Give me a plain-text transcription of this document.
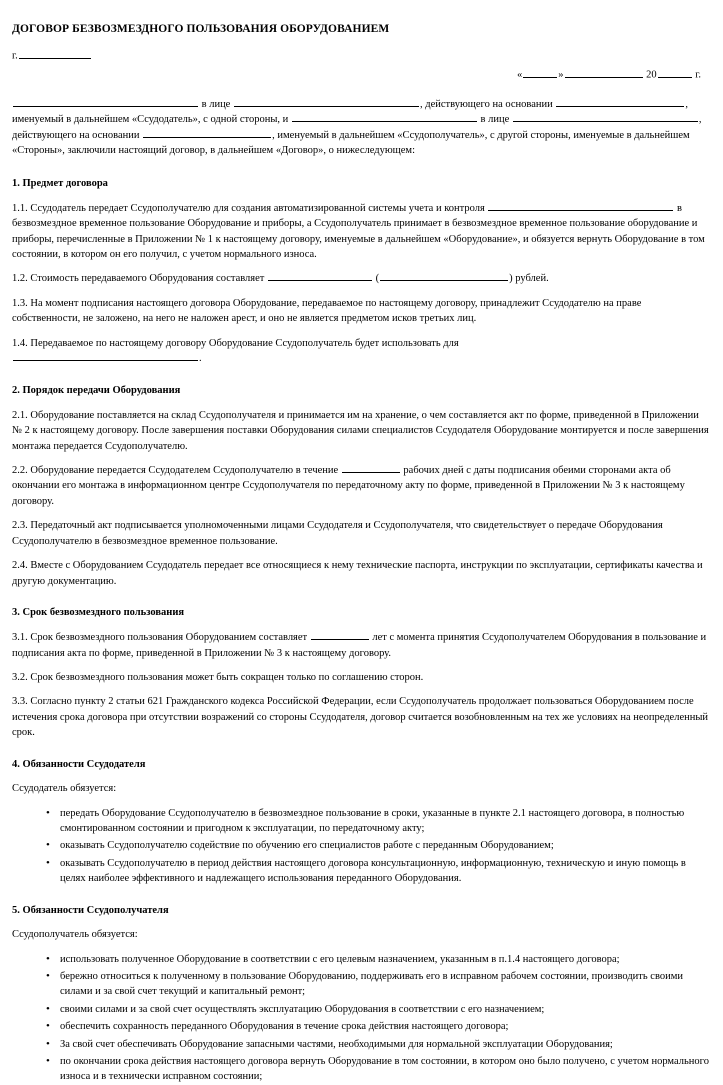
ДОГОВОР БЕЗВОЗМЕЗДНОГО ПОЛЬЗОВАНИЯ ОБОРУДОВАНИЕМ

г.

«	»	20	г.

в лице	, действующего на основании	, именуемый в дальнейшем «Ссудодатель», с одной стороны, и	в лице	, действующего на основании	, именуемый в дальнейшем «Ссудополучатель», с другой стороны, именуемые в дальнейшем «Стороны», заключили настоящий договор, в дальнейшем «Договор», о нижеследующем:

1. Предмет договора

1.1. Ссудодатель передает Ссудополучателю для создания автоматизированной системы учета и контроля	в безвозмездное временное пользование Оборудование и приборы, а Ссудополучатель принимает в безвозмездное временное пользование оборудование и приборы, перечисленные в Приложении № 1 к настоящему договору, именуемые в дальнейшем «Оборудование», и обязуется вернуть Оборудование в том состоянии, в котором он его получил, с учетом нормального износа.

1.2. Стоимость передаваемого Оборудования составляет	(	) рублей.

1.3. На момент подписания настоящего договора Оборудование, передаваемое по настоящему договору, принадлежит Ссудодателю на праве собственности, не заложено, на него не наложен арест, и оно не является предметом исков третьих лиц.

1.4. Передаваемое по настоящему договору Оборудование Ссудополучатель будет использовать для
.

2. Порядок передачи Оборудования

2.1. Оборудование поставляется на склад Ссудополучателя и принимается им на хранение, о чем составляется акт по форме, приведенной в Приложении № 2 к настоящему договору. После завершения поставки Оборудования силами специалистов Ссудодателя Оборудование монтируется и после завершения монтажа передается Ссудополучателю.

2.2. Оборудование передается Ссудодателем Ссудополучателю в течение	рабочих дней с даты подписания обеими сторонами акта об окончании его монтажа в информационном центре Ссудополучателя по передаточному акту по форме, приведенной в Приложении № 3 к настоящему договору.

2.3. Передаточный акт подписывается уполномоченными лицами Ссудодателя и Ссудополучателя, что свидетельствует о передаче Оборудования Ссудополучателю в безвозмездное временное пользование.

2.4. Вместе с Оборудованием Ссудодатель передает все относящиеся к нему технические паспорта, инструкции по эксплуатации, сертификаты качества и другую документацию.

3. Срок безвозмездного пользования

3.1. Срок безвозмездного пользования Оборудованием составляет	лет с момента принятия Ссудополучателем Оборудования в пользование и подписания акта по форме, приведенной в Приложении № 3 к настоящему договору.

3.2. Срок безвозмездного пользования может быть сокращен только по соглашению сторон.

3.3. Согласно пункту 2 статьи 621 Гражданского кодекса Российской Федерации, если Ссудополучатель продолжает пользоваться Оборудованием после истечения срока договора при отсутствии возражений со стороны Ссудодателя, договор считается возобновленным на тех же условиях на неопределенный срок.

4. Обязанности Ссудодателя

Ссудодатель обязуется:

• передать Оборудование Ссудополучателю в безвозмездное пользование в сроки, указанные в пункте 2.1 настоящего договора, в полностью смонтированном состоянии и пригодном к эксплуатации, по передаточному акту;
• оказывать Ссудополучателю содействие по обучению его специалистов работе с переданным Оборудованием;
• оказывать Ссудополучателю в период действия настоящего договора консультационную, информационную, техническую и иную помощь в целях наиболее эффективного и надлежащего использования переданного Оборудования.
5. Обязанности Ссудополучателя

Ссудополучатель обязуется:

• использовать полученное Оборудование в соответствии с его целевым назначением, указанным в п.1.4 настоящего договора;
• бережно относиться к полученному в пользование Оборудованию, поддерживать его в исправном рабочем состоянии, производить своими силами и за свой счет текущий и капитальный ремонт;
• своими силами и за свой счет осуществлять эксплуатацию Оборудования в соответствии с его назначением;
• обеспечить сохранность переданного Оборудования в течение срока действия настоящего договора;
• За свой счет обеспечивать Оборудование запасными частями, необходимыми для нормальной эксплуатации Оборудования;
• по окончании срока действия настоящего договора вернуть Оборудование в том состоянии, в котором оно было получено, с учетом нормального износа и в технически исправном состоянии;
